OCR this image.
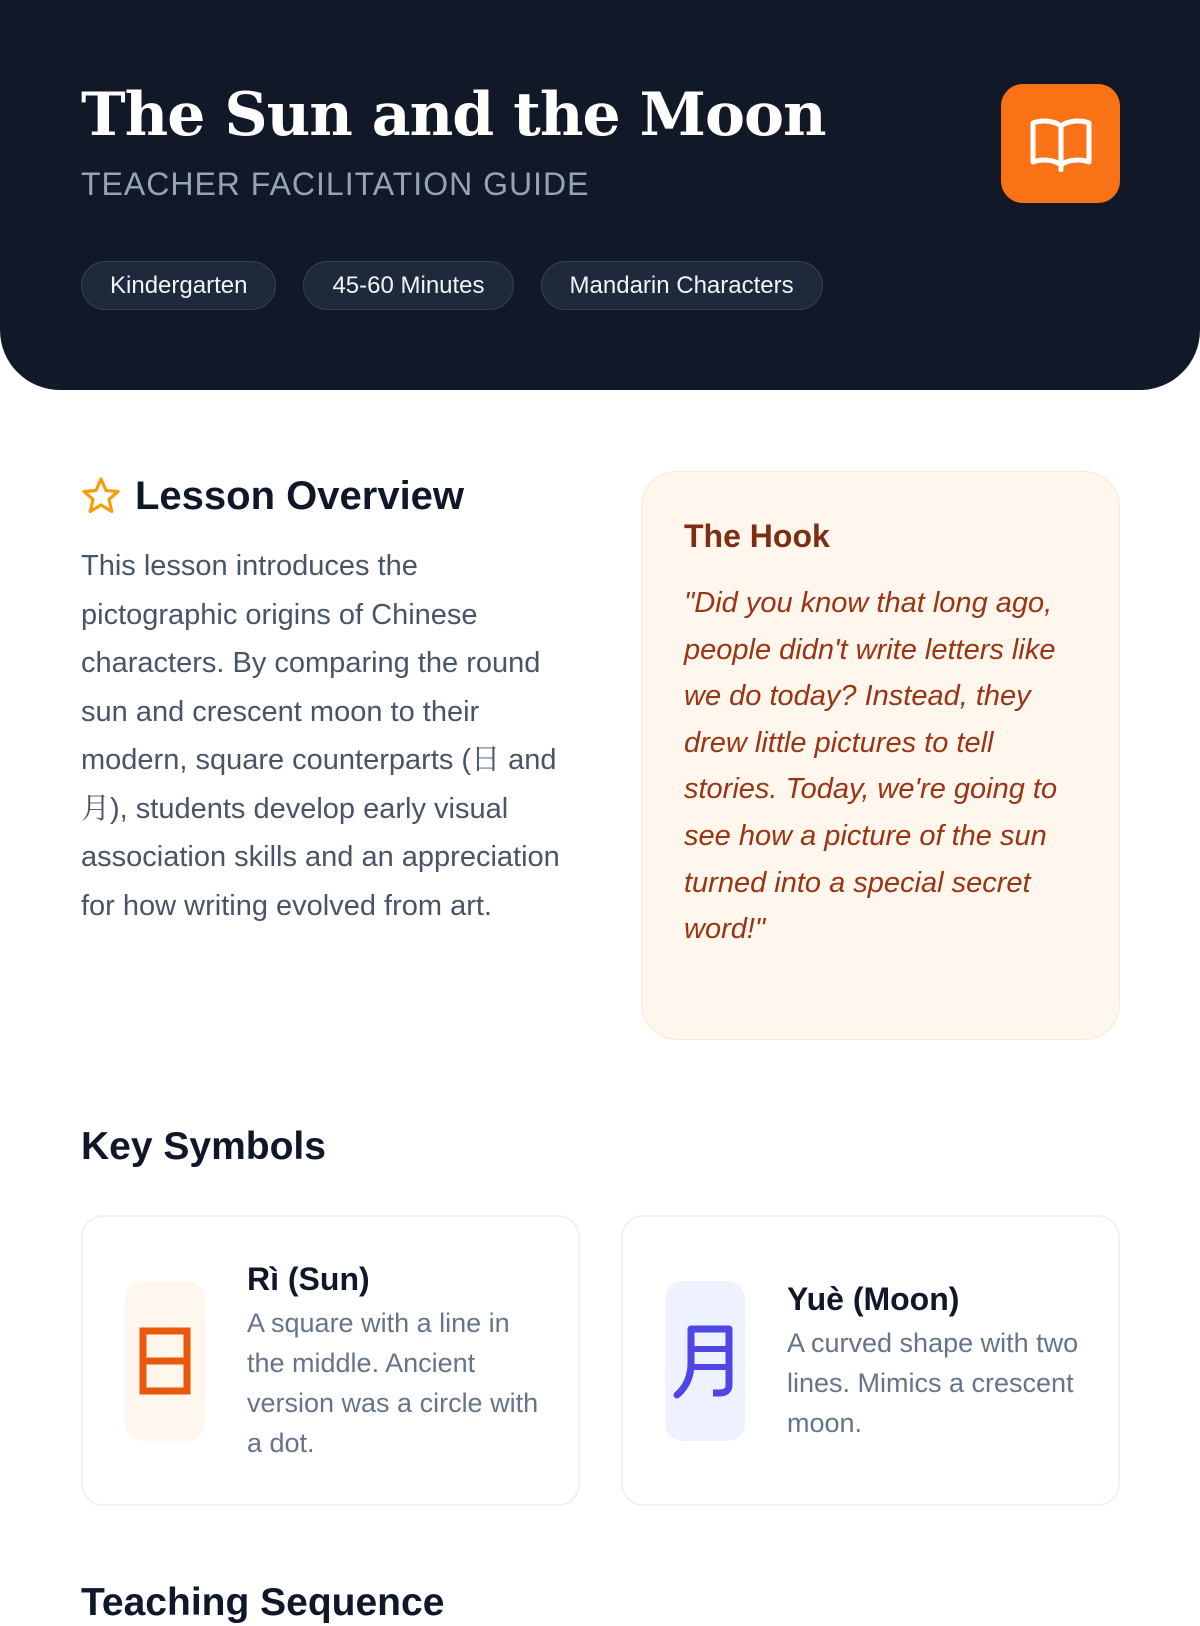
The Sun and the Moon
TEACHER FACILITATION GUIDE
Kindergarten	45-60 Minutes	Mandarin Characters
Lesson Overview

This lesson introduces the pictographic origins of Chinese characters. By comparing the round sun and crescent moon to their modern, square counterparts (日 and 月), students develop early visual association skills and an appreciation for how writing evolved from art.

The Hook

"Did you know that long ago, people didn't write letters like we do today? Instead, they drew little pictures to tell stories. Today, we're going to see how a picture of the sun turned into a special secret word!"

Key Symbols
Rì (Sun)
A square with a line in the middle. Ancient version was a circle with a dot.
Yuè (Moon)
A curved shape with two lines. Mimics a crescent moon.
Teaching Sequence
